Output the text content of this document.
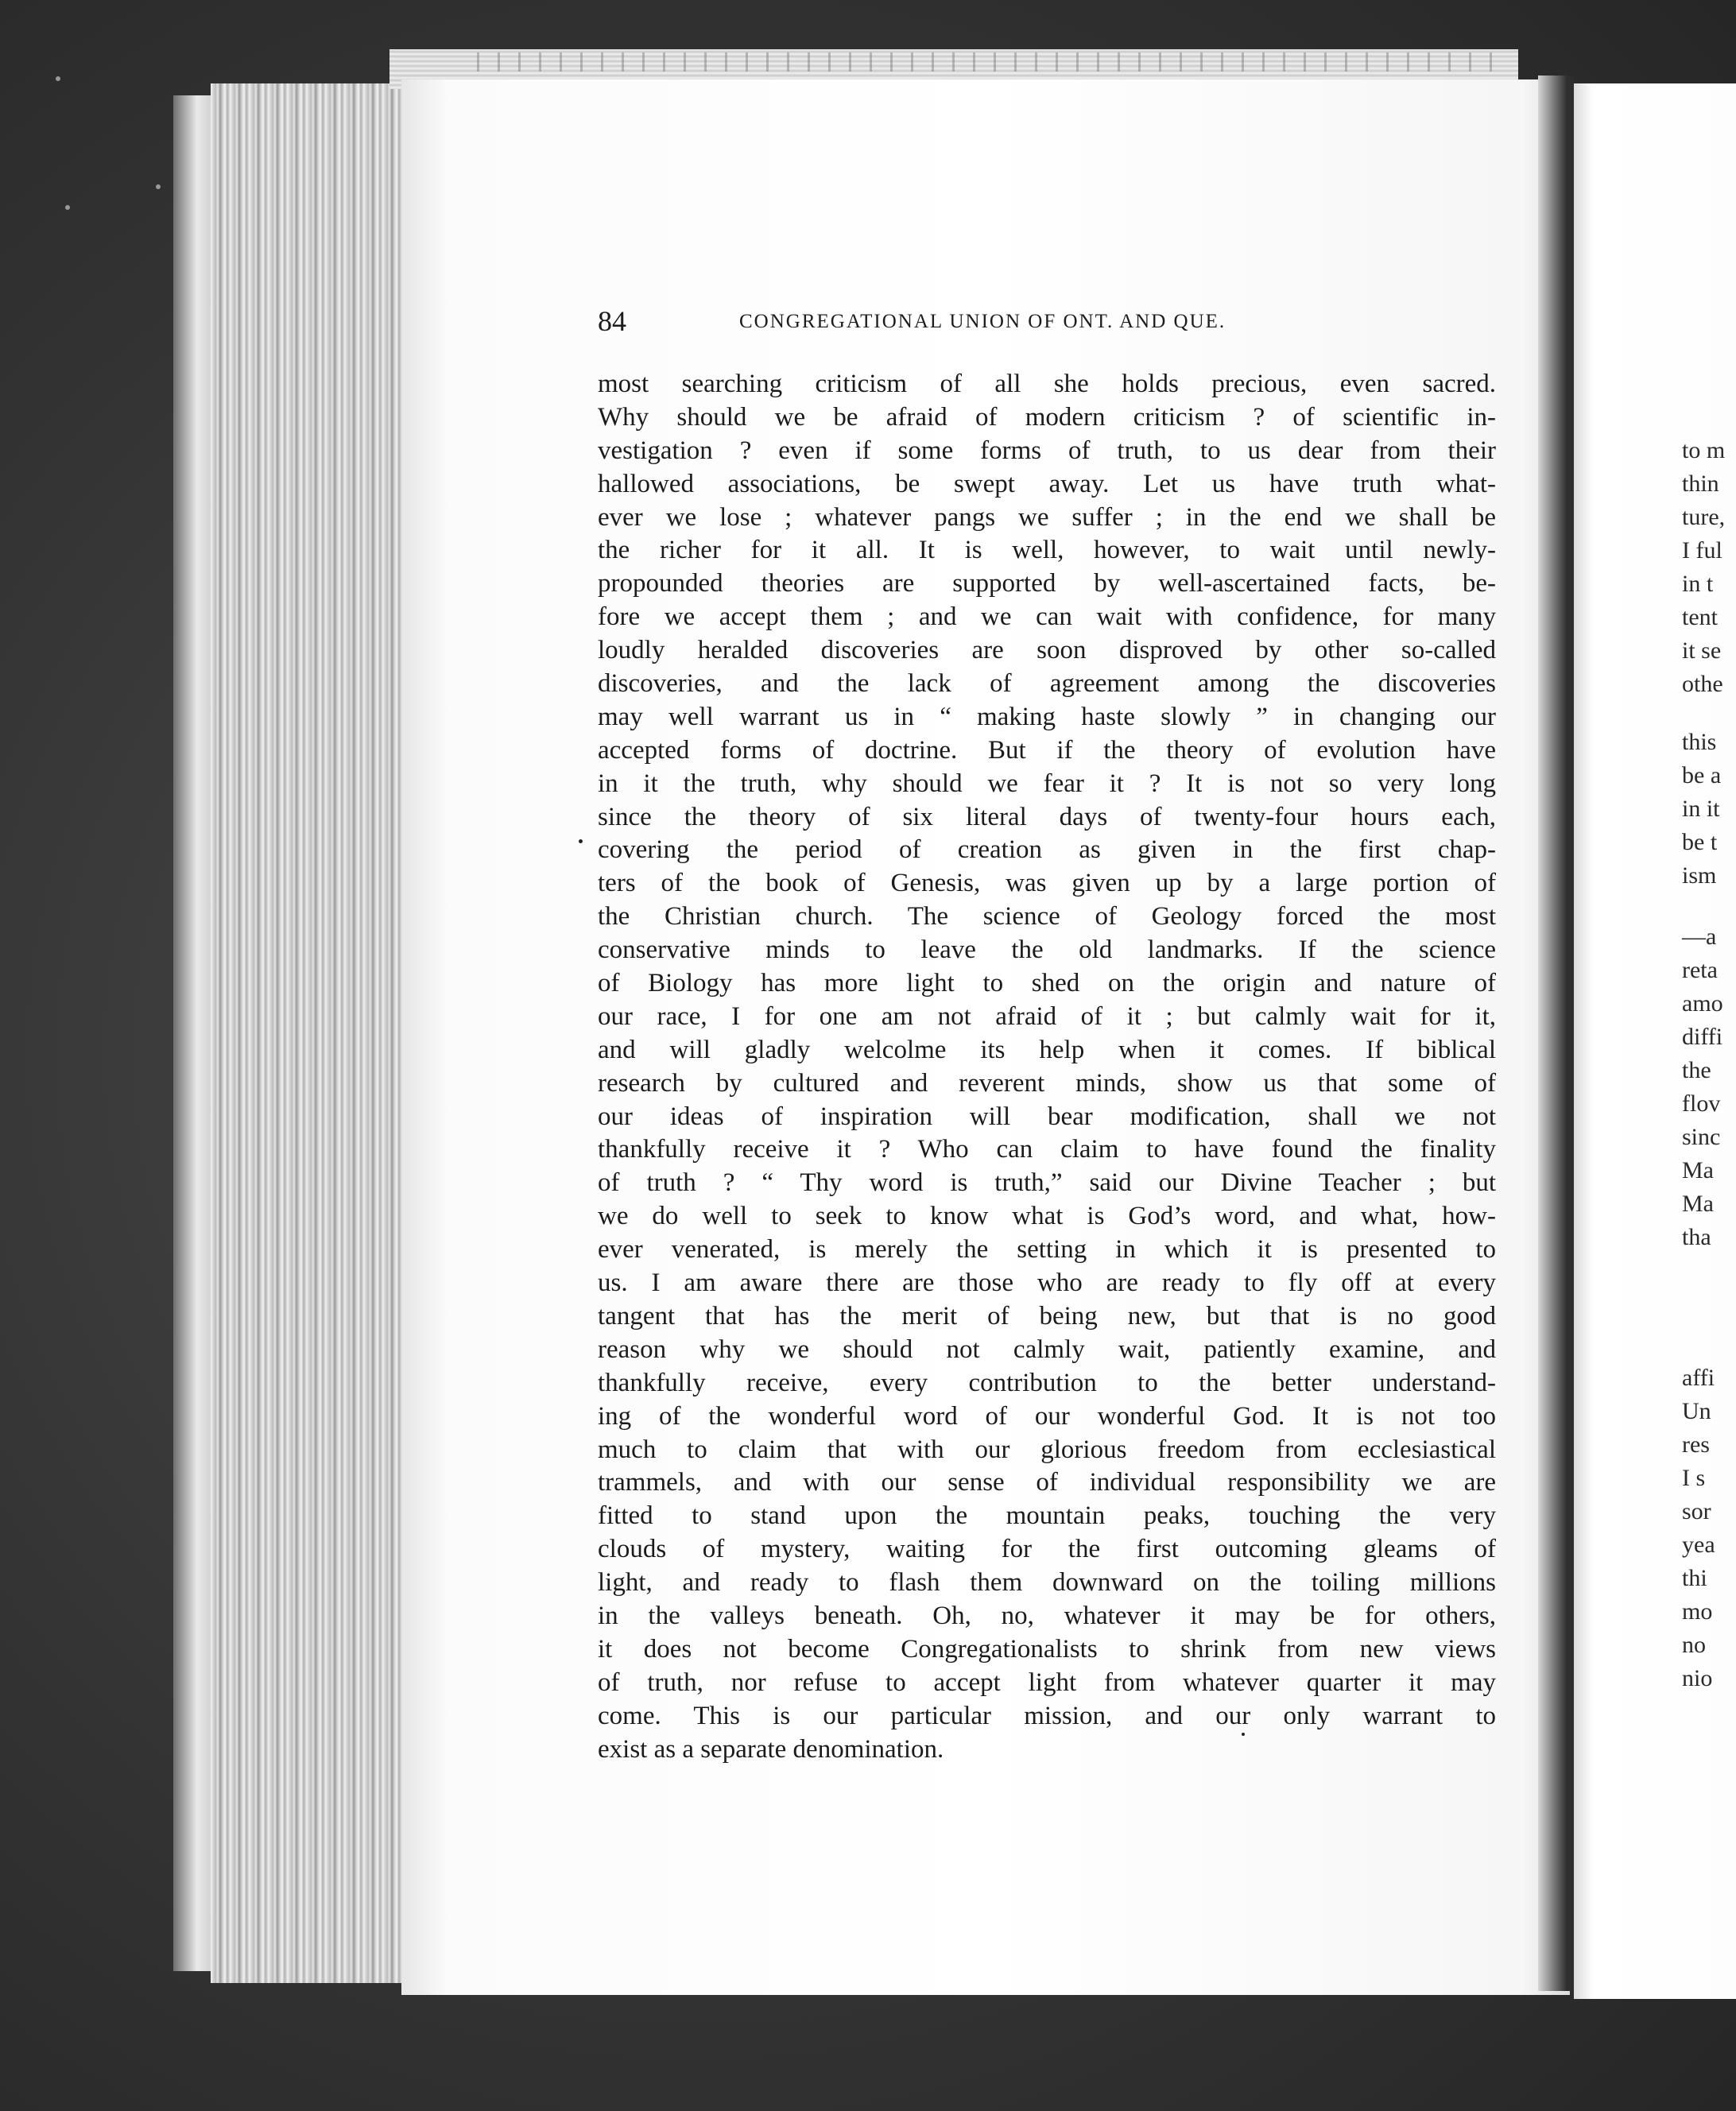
84	CONGREGATIONAL UNION OF ONT. AND QUE.
most searching criticism of all she holds precious, even sacred.
Why should we be afraid of modern criticism ? of scientific in-
vestigation ? even if some forms of truth, to us dear from their
hallowed associations, be swept away. Let us have truth what-
ever we lose ; whatever pangs we suffer ; in the end we shall be
the richer for it all. It is well, however, to wait until newly-
propounded theories are supported by well-ascertained facts, be-
fore we accept them ; and we can wait with confidence, for many
loudly heralded discoveries are soon disproved by other so-called
discoveries, and the lack of agreement among the discoveries
may well warrant us in “ making haste slowly ” in changing our
accepted forms of doctrine. But if the theory of evolution have
in it the truth, why should we fear it ? It is not so very long
since the theory of six literal days of twenty-four hours each,
covering the period of creation as given in the first chap-
ters of the book of Genesis, was given up by a large portion of
the Christian church. The science of Geology forced the most
conservative minds to leave the old landmarks. If the science
of Biology has more light to shed on the origin and nature of
our race, I for one am not afraid of it ; but calmly wait for it,
and will gladly welcolme its help when it comes. If biblical
research by cultured and reverent minds, show us that some of
our ideas of inspiration will bear modification, shall we not
thankfully receive it ? Who can claim to have found the finality
of truth ? “ Thy word is truth,” said our Divine Teacher ; but
we do well to seek to know what is God’s word, and what, how-
ever venerated, is merely the setting in which it is presented to
us. I am aware there are those who are ready to fly off at every
tangent that has the merit of being new, but that is no good
reason why we should not calmly wait, patiently examine, and
thankfully receive, every contribution to the better understand-
ing of the wonderful word of our wonderful God. It is not too
much to claim that with our glorious freedom from ecclesiastical
trammels, and with our sense of individual responsibility we are
fitted to stand upon the mountain peaks, touching the very
clouds of mystery, waiting for the first outcoming gleams of
light, and ready to flash them downward on the toiling millions
in the valleys beneath. Oh, no, whatever it may be for others,
it does not become Congregationalists to shrink from new views
of truth, nor refuse to accept light from whatever quarter it may
come. This is our particular mission, and our only warrant to
exist as a separate denomination.
to m
thin
ture,
I ful
in t
tent
it se
othe
this
be a
in it
be t
ism
—a
reta
amo
diffi
the
flov
sinc
Ma
Ma
tha
affi
Un
res
I s
sor
yea
thi
mo
no
nio
